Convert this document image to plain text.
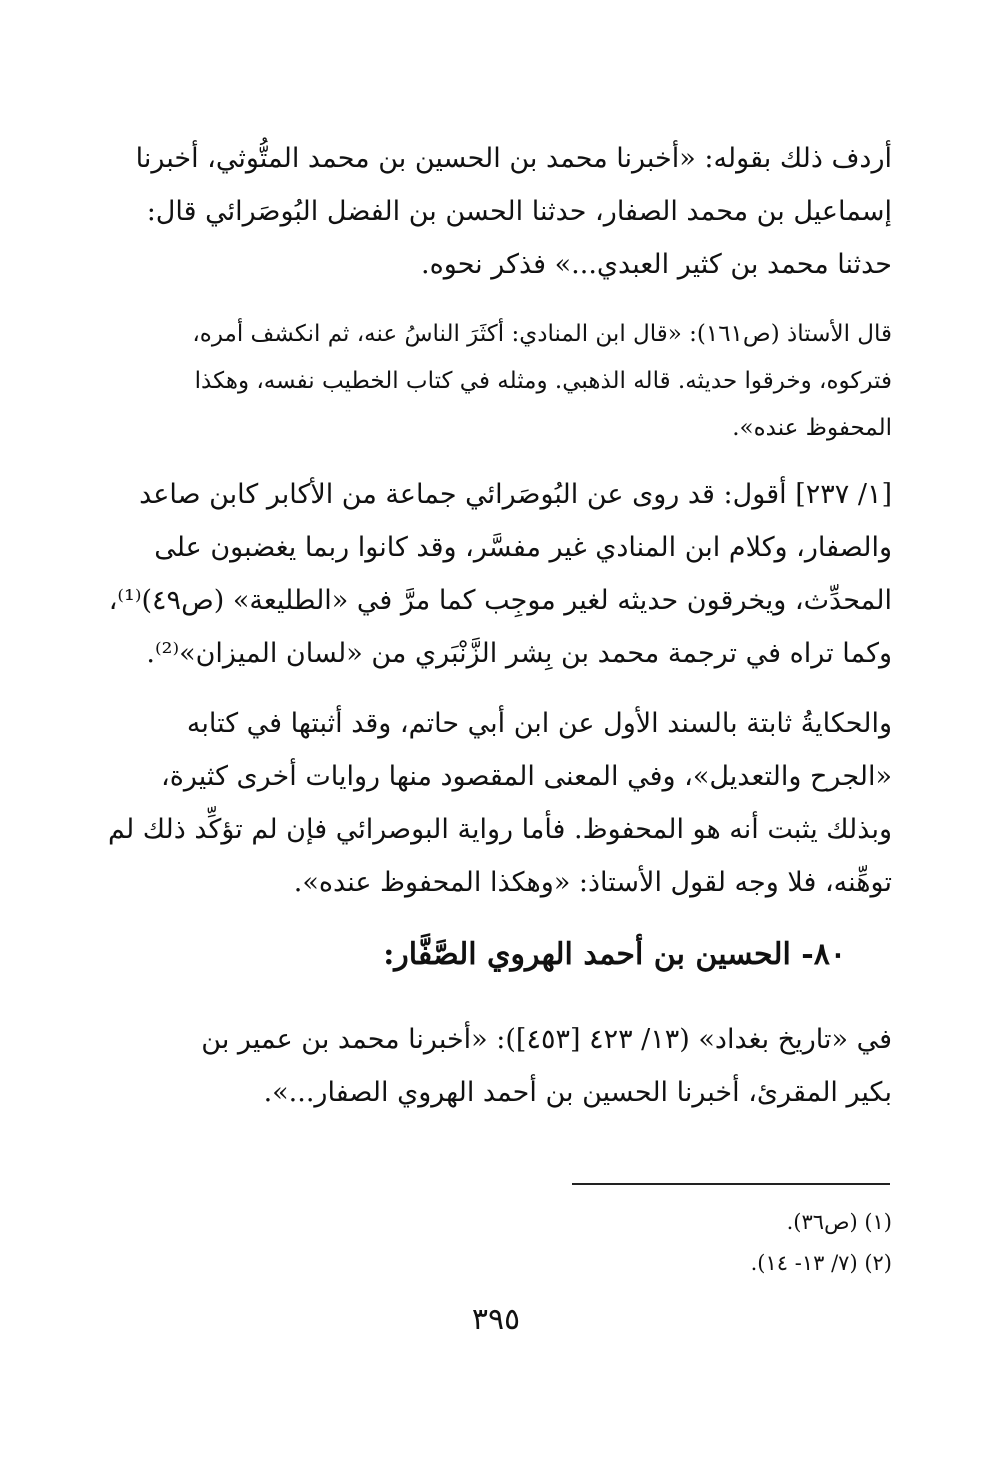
أردف ذلك بقوله: «أخبرنا محمد بن الحسين بن محمد المتُّوثي، أخبرنا
إسماعيل بن محمد الصفار، حدثنا الحسن بن الفضل البُوصَرائي قال:
حدثنا محمد بن كثير العبدي...» فذكر نحوه.

قال الأستاذ (ص١٦١): «قال ابن المنادي: أكثَرَ الناسُ عنه، ثم انكشف أمره،
فتركوه، وخرقوا حديثه. قاله الذهبي. ومثله في كتاب الخطيب نفسه، وهكذا
المحفوظ عنده».

[١/ ٢٣٧] أقول: قد روى عن البُوصَرائي جماعة من الأكابر كابن صاعد
والصفار، وكلام ابن المنادي غير مفسَّر، وقد كانوا ربما يغضبون على
المحدِّث، ويخرقون حديثه لغير موجِب كما مرَّ في «الطليعة» (ص٤٩)⁽¹⁾،
وكما تراه في ترجمة محمد بن بِشر الزَّنْبَري من «لسان الميزان»⁽²⁾.

والحكايةُ ثابتة بالسند الأول عن ابن أبي حاتم، وقد أثبتها في كتابه
«الجرح والتعديل»، وفي المعنى المقصود منها روايات أخرى كثيرة،
وبذلك يثبت أنه هو المحفوظ. فأما رواية البوصرائي فإن لم تؤكِّد ذلك لم
توهِّنه، فلا وجه لقول الأستاذ: «وهكذا المحفوظ عنده».

٨٠- الحسين بن أحمد الهروي الصَّفَّار:

في «تاريخ بغداد» (١٣/ ٤٢٣ [٤٥٣]): «أخبرنا محمد بن عمير بن
بكير المقرئ، أخبرنا الحسين بن أحمد الهروي الصفار...».

(١) (ص٣٦).
(٢) (٧/ ١٣- ١٤).
٣٩٥
